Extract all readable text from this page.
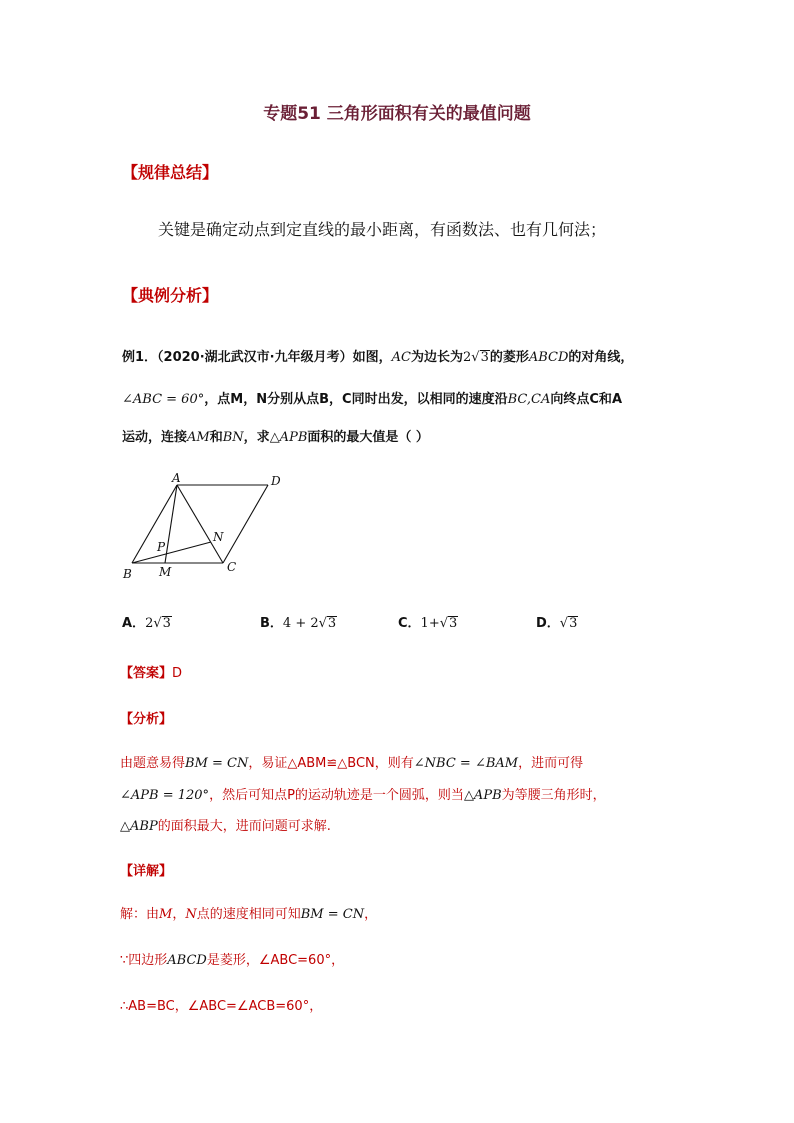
专题51 三角形面积有关的最值问题
【规律总结】
关键是确定动点到定直线的最小距离，有函数法、也有几何法；
【典例分析】
例1．（2020·湖北武汉市·九年级月考）如图，AC为边长为2√3的菱形ABCD的对角线，
∠ABC = 60°，点M，N分别从点B，C同时出发，以相同的速度沿BC,CA向终点C和A
运动，连接AM和BN，求△APB面积的最大值是（ ）
A	D
N
P
C
B M
A．2√3	B．4 + 2√3	C．1+√3	D．√3
【答案】D
【分析】
由题意易得BM = CN，易证△ABM≌△BCN，则有∠NBC = ∠BAM，进而可得
∠APB = 120°，然后可知点P的运动轨迹是一个圆弧，则当△APB为等腰三角形时，
△ABP的面积最大，进而问题可求解.
【详解】
解：由M，N点的速度相同可知BM = CN，
∵四边形ABCD是菱形，∠ABC=60°，
∴AB=BC，∠ABC=∠ACB=60°，
